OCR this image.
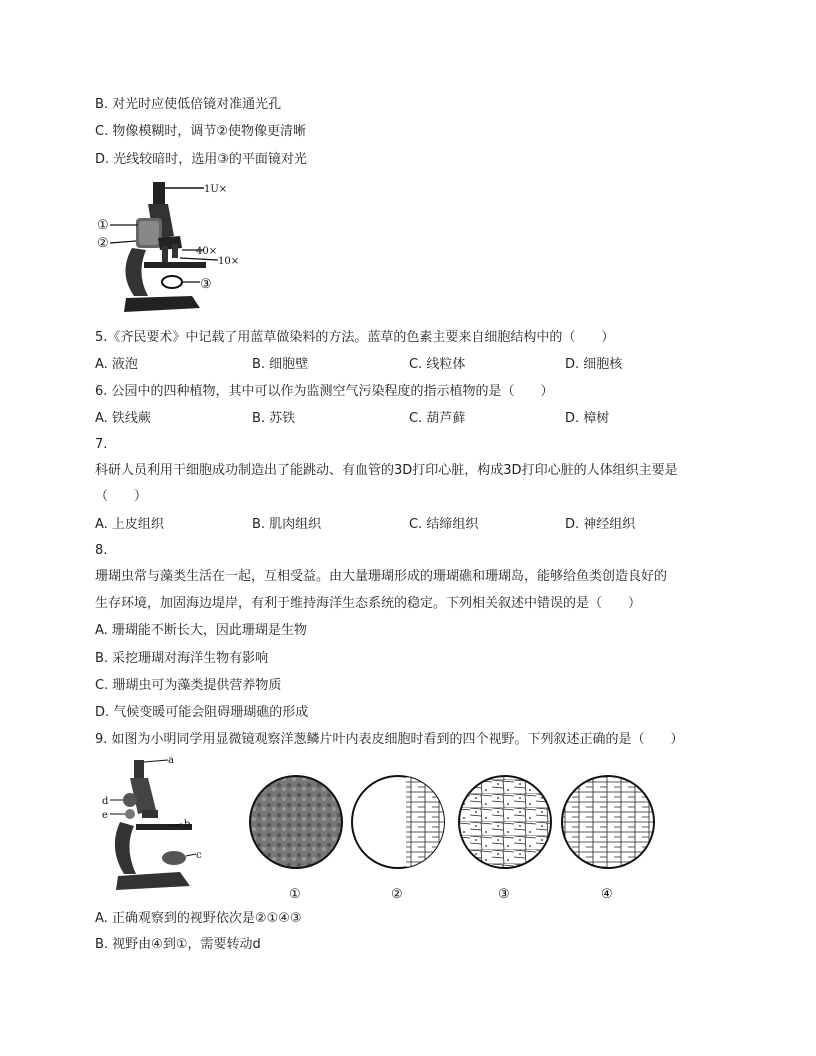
B. 对光时应使低倍镜对准通光孔
C. 物像模糊时，调节②使物像更清晰
D. 光线较暗时，选用③的平面镜对光
1U×
40×
10×
①
②
③
5.《齐民要术》中记载了用蓝草做染料的方法。蓝草的色素主要来自细胞结构中的（　　）
A. 液泡	B. 细胞壁	C. 线粒体	D. 细胞核
6. 公园中的四种植物，其中可以作为监测空气污染程度的指示植物的是（　　）
A. 铁线蕨	B. 苏铁	C. 葫芦藓	D. 樟树
7.
科研人员利用干细胞成功制造出了能跳动、有血管的3D打印心脏，构成3D打印心脏的人体组织主要是
（　　）
A. 上皮组织	B. 肌肉组织	C. 结缔组织	D. 神经组织
8.
珊瑚虫常与藻类生活在一起，互相受益。由大量珊瑚形成的珊瑚礁和珊瑚岛，能够给鱼类创造良好的
生存环境，加固海边堤岸，有利于维持海洋生态系统的稳定。下列相关叙述中错误的是（　　）
A. 珊瑚能不断长大，因此珊瑚是生物
B. 采挖珊瑚对海洋生物有影响
C. 珊瑚虫可为藻类提供营养物质
D. 气候变暖可能会阻碍珊瑚礁的形成
9. 如图为小明同学用显微镜观察洋葱鳞片叶内表皮细胞时看到的四个视野。下列叙述正确的是（　　）
a
d
e
b
c
①	②	③	④
A. 正确观察到的视野依次是②①④③
B. 视野由④到①，需要转动d
